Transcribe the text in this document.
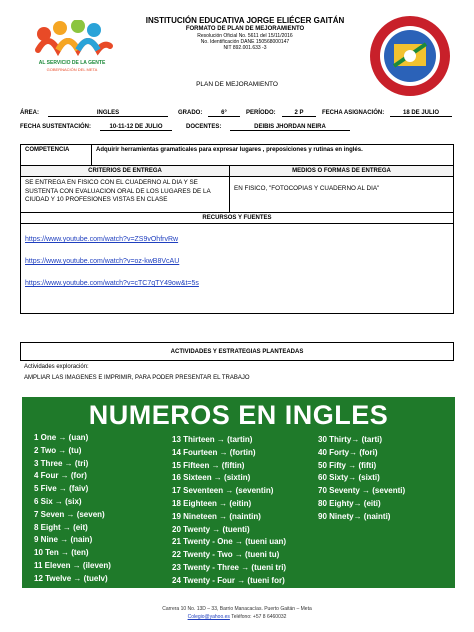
AL SERVICIO DE LA GENTE
GOBERNACIÓN DEL META
INSTITUCIÓN EDUCATIVA JORGE ELIÉCER GAITÁN
FORMATO DE PLAN DE MEJORAMIENTO
Resolución Oficial No. 5611 del 15/11/2016
No. Identificación DANE 150568000147
NIT 892.001.633 -3
PLAN DE MEJORAMIENTO
ÁREA:	INGLES	GRADO:	6°	PERÍODO:	2 P	FECHA ASIGNACIÓN:	18 DE JULIO
FECHA SUSTENTACIÓN:	10-11-12 DE JULIO	DOCENTES:	DEIBIS JHORDAN NEIRA
COMPETENCIA	Adquirir herramientas gramaticales para expresar lugares , preposiciones y rutinas en inglés.	
CRITERIOS DE ENTREGA		MEDIOS O FORMAS DE ENTREGA
SE ENTREGA EN FISICO CON EL CUADERNO AL DIA Y SE SUSTENTA CON EVALUACION ORAL DE LOS LUGARES DE LA CIUDAD Y 10 PROFESIONES VISTAS EN CLASE		EN FISICO, "FOTOCOPIAS Y CUADERNO AL DIA"
RECURSOS Y FUENTES		

https://www.youtube.com/watch?v=ZS9vOhfrvRw
https://www.youtube.com/watch?v=oz-kwB8VcAU
https://www.youtube.com/watch?v=cTC7qTY49ow&t=5s		
ACTIVIDADES Y ESTRATEGIAS PLANTEADAS
Actividades exploración:
AMPLIAR LAS IMAGENES E IMPRIMIR, PARA PODER PRESENTAR EL TRABAJO
NUMEROS EN INGLES
1 One → (uan)
2 Two → (tu)
3 Three → (tri)
4 Four → (for)
5 Five → (faiv)
6 Six → (six)
7 Seven → (seven)
8 Eight → (eit)
9 Nine → (nain)
10 Ten → (ten)
11 Eleven → (ileven)
12 Twelve → (tuelv)
13 Thirteen → (tartin)
14 Fourteen → (fortin)
15 Fifteen → (fiftin)
16 Sixteen → (sixtin)
17 Seventeen → (seventin)
18 Eighteen → (eitin)
19 Nineteen → (naintin)
20 Twenty → (tuenti)
21 Twenty - One → (tueni uan)
22 Twenty - Two → (tueni tu)
23 Twenty - Three → (tueni tri)
24 Twenty - Four → (tueni for)
30 Thirty→ (tarti)
40 Forty→ (fori)
50 Fifty → (fifti)
60 Sixty→ (sixti)
70 Seventy → (seventi)
80 Eighty→ (eiti)
90 Ninety→ (nainti)
Carrera 10 No. 13D – 33, Barrio Manacacías. Puerto Gaitán – Meta
Colegio@yahoo.es Teléfono: +57 8 6460032
